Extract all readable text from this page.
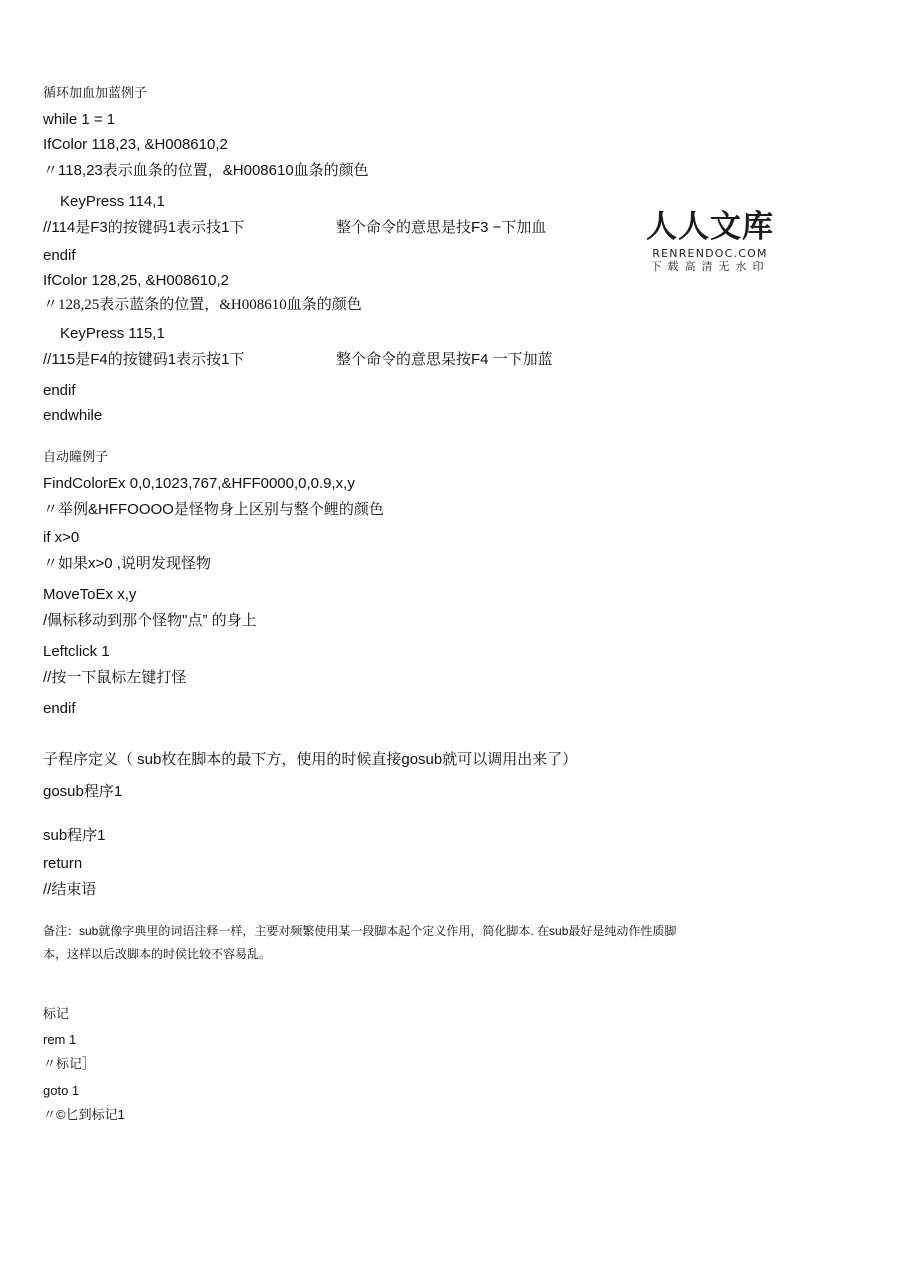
人人文库
RENRENDOC.COM
下载高清无水印
循环加血加蓝例子
while 1 = 1
IfColor 118,23, &H008610,2
〃118,23表示血条的位置，&H008610血条的颜色
KeyPress 114,1
//114是F3的按键码1表示技1下	整个命令的意思是技F3 −下加血
endif
IfColor 128,25, &H008610,2
〃128,25表示蓝条的位置，&H008610血条的颜色
KeyPress 115,1
//115是F4的按键码1表示按1下	整个命令的意思杲按F4 一下加蓝
endif
endwhile
自动曈例子
FindColorEx 0,0,1023,767,&HFF0000,0,0.9,x,y
〃举例&HFFOOOO是怪物身上区别与整个鲤的颜色
if x>0
〃如果x>0 ,说明发现怪物
MoveToEx x,y
/佩标移动到那个怪物"点” 的身上
Leftclick 1
//按一下鼠标左键打怪
endif
子程序定义（ sub枚在脚本的最下方，使用的时候直接gosub就可以调用出来了）
gosub程序1
sub程序1
return
//结束语
备注：sub就像字典里的词语注释一样，主要对频繁使用某一段脚本起个定义作用，简化脚本. 在sub最好是纯动作性质脚
本，这样以后改脚本的时侯比较不容易乱。
标记
rem 1
〃标记］
goto 1
〃©匕到标记1
